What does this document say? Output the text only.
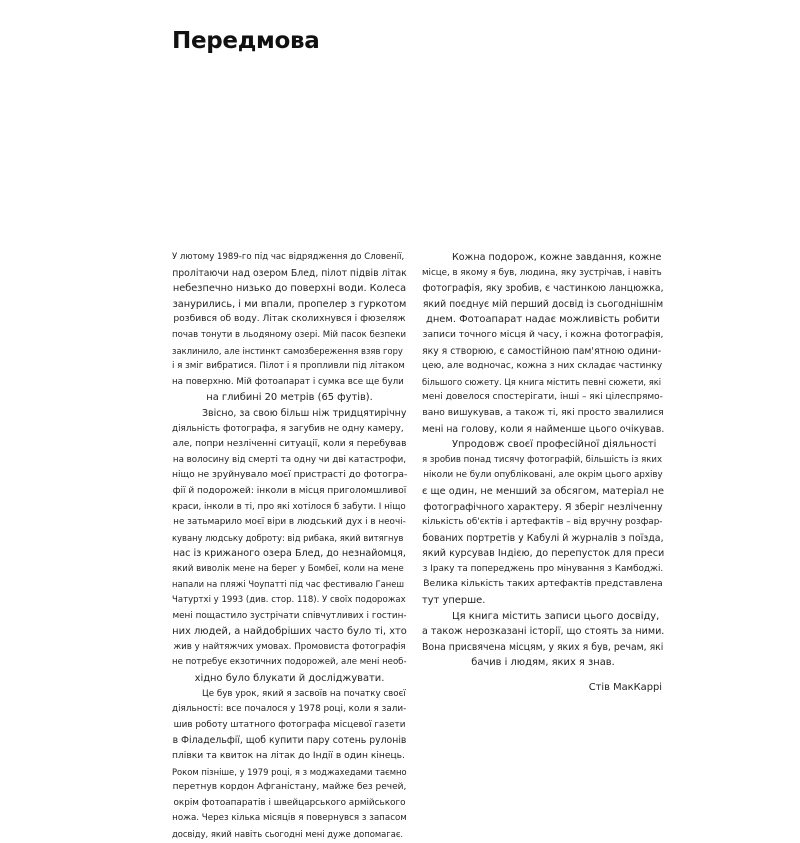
Передмова
У лютому 1989-го під час відрядження до Словенії,
пролітаючи над озером Блед, пілот підвів літак
небезпечно низько до поверхні води. Колеса
занурились, і ми впали, пропелер з гуркотом
розбився об воду. Літак сколихнувся і фюзеляж
почав тонути в льодяному озері. Мій пасок безпеки
заклинило, але інстинкт самозбереження взяв гору
і я зміг вибратися. Пілот і я пропливли під літаком
на поверхню. Мій фотоапарат і сумка все ще були
на глибині 20 метрів (65 футів).
Звісно, за свою більш ніж тридцятирічну
діяльність фотографа, я загубив не одну камеру,
але, попри незліченні ситуації, коли я перебував
на волосину від смерті та одну чи дві катастрофи,
ніщо не зруйнувало моєї пристрасті до фотогра-
фії й подорожей: інколи в місця приголомшливої
краси, інколи в ті, про які хотілося б забути. І ніщо
не затьмарило моєї віри в людський дух і в неочі-
кувану людську доброту: від рибака, який витягнув
нас із крижаного озера Блед, до незнайомця,
який виволік мене на берег у Бомбеї, коли на мене
напали на пляжі Чоупатті під час фестивалю Ганеш
Чатуртхі у 1993 (див. стор. 118). У своїх подорожах
мені пощастило зустрічати співчутливих і гостин-
них людей, а найдобріших часто було ті, хто
жив у найтяжчих умовах. Промовиста фотографія
не потребує екзотичних подорожей, але мені необ-
хідно було блукати й досліджувати.
Це був урок, який я засвоїв на початку своєї
діяльності: все почалося у 1978 році, коли я зали-
шив роботу штатного фотографа місцевої газети
в Філадельфії, щоб купити пару сотень рулонів
плівки та квиток на літак до Індії в один кінець.
Роком пізніше, у 1979 році, я з моджахедами таємно
перетнув кордон Афганістану, майже без речей,
окрім фотоапаратів і швейцарського армійського
ножа. Через кілька місяців я повернувся з запасом
досвіду, який навіть сьогодні мені дуже допомагає.
Кожна подорож, кожне завдання, кожне
місце, в якому я був, людина, яку зустрічав, і навіть
фотографія, яку зробив, є частинкою ланцюжка,
який поєднує мій перший досвід із сьогоднішнім
днем. Фотоапарат надає можливість робити
записи точного місця й часу, і кожна фотографія,
яку я створюю, є самостійною пам'ятною одини-
цею, але водночас, кожна з них складає частинку
більшого сюжету. Ця книга містить певні сюжети, які
мені довелося спостерігати, інші – які цілеспрямо-
вано вишукував, а також ті, які просто звалилися
мені на голову, коли я найменше цього очікував.
Упродовж своєї професійної діяльності
я зробив понад тисячу фотографій, більшість із яких
ніколи не були опубліковані, але окрім цього архіву
є ще один, не менший за обсягом, матеріал не
фотографічного характеру. Я зберіг незліченну
кількість об'єктів і артефактів – від вручну розфар-
бованих портретів у Кабулі й журналів з поїзда,
який курсував Індією, до перепусток для преси
з Іраку та попереджень про мінування з Камбоджі.
Велика кількість таких артефактів представлена
тут уперше.
Ця книга містить записи цього досвіду,
а також нерозказані історії, що стоять за ними.
Вона присвячена місцям, у яких я був, речам, які
бачив і людям, яких я знав.
Стів МакКаррі
